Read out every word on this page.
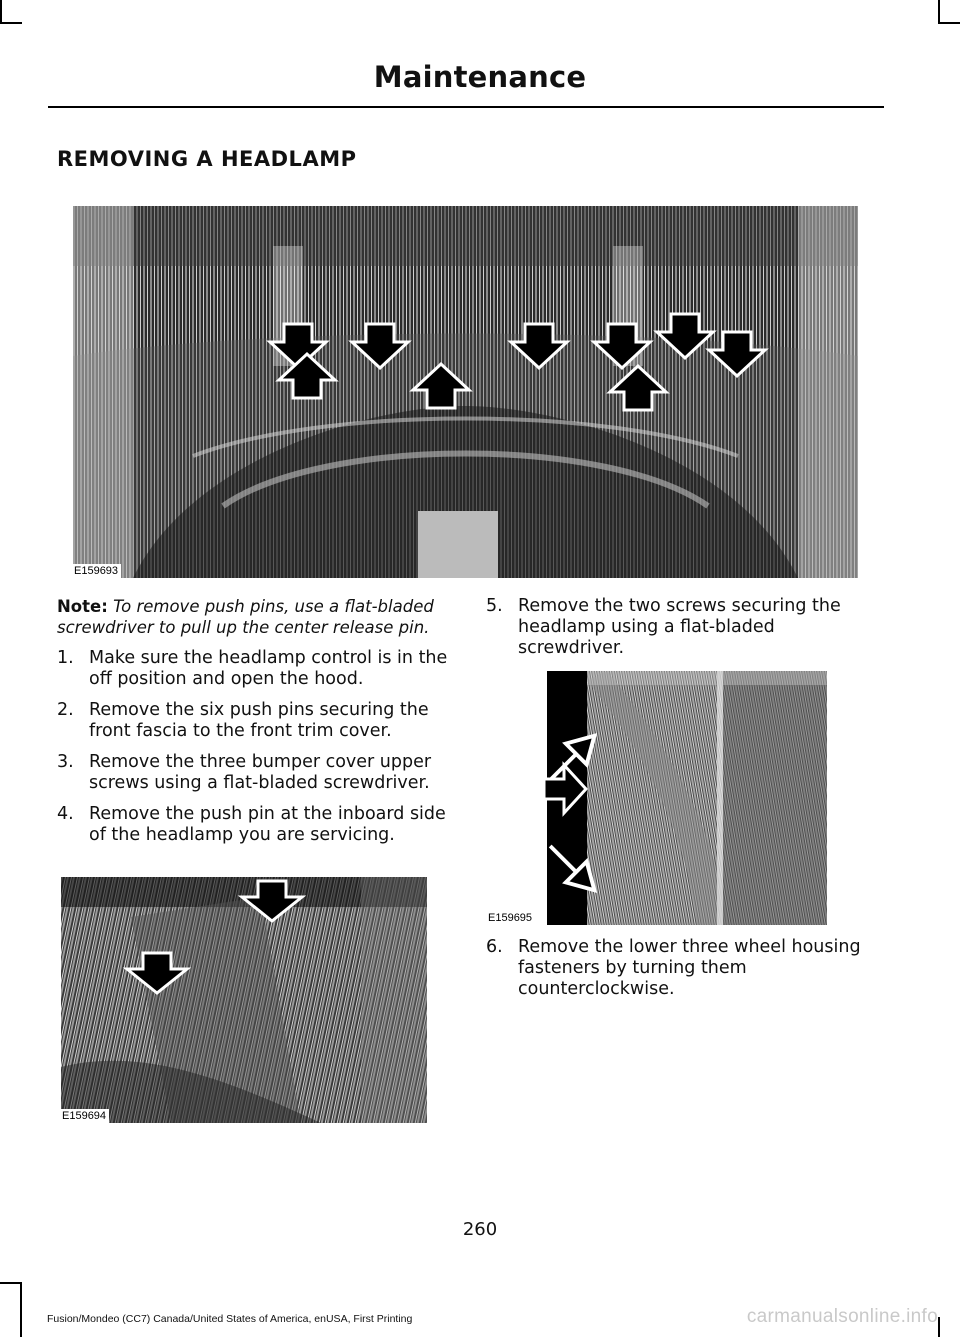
Maintenance
REMOVING A HEADLAMP
E159693

Note: To remove push pins, use a flat-bladed screwdriver to pull up the center release pin.

1. Make sure the headlamp control is in the off position and open the hood.
2. Remove the six push pins securing the front fascia to the front trim cover.
3. Remove the three bumper cover upper screws using a flat-bladed screwdriver.
4. Remove the push pin at the inboard side of the headlamp you are servicing.
E159694
5. Remove the two screws securing the headlamp using a flat-bladed screwdriver.
E159695
6. Remove the lower three wheel housing fasteners by turning them counterclockwise.
260
Fusion/Mondeo (CC7) Canada/United States of America, enUSA, First Printing	carmanualsonline.info
